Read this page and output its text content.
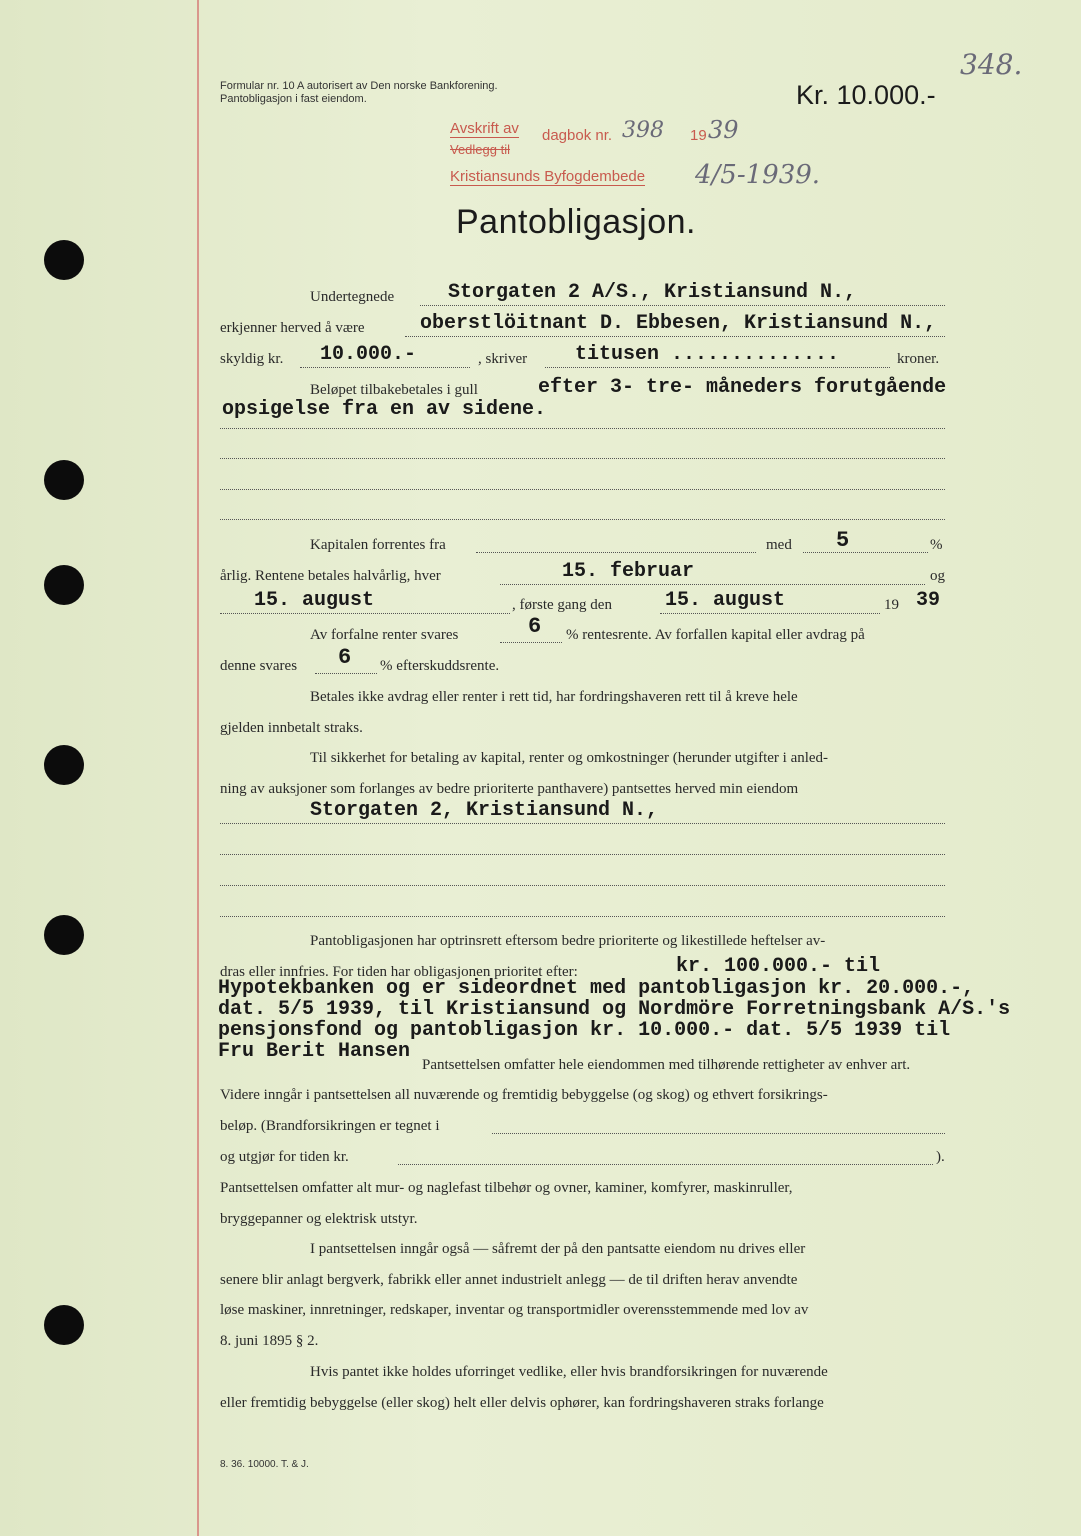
348.
Formular nr. 10 A autorisert av Den norske Bankforening.
Pantobligasjon i fast eiendom.	Kr. 10.000.-
Avskrift av dagbok nr. 398 19 39
Vedlegg til
Kristiansunds Byfogdembede 4/5-1939.
Pantobligasjon.
Undertegnede	Storgaten 2 A/S., Kristiansund N.,
erkjenner herved å være	oberstlöitnant D. Ebbesen, Kristiansund N.,
skyldig kr. 10.000.-	, skriver titusen ..............	kroner.
Beløpet tilbakebetales i gull	efter 3- tre- måneders forutgående
opsigelse fra en av sidene.
Kapitalen forrentes fra	med 5	%
årlig. Rentene betales halvårlig, hver	15. februar	og
15. august	, første gang den	15. august	19 39
Av forfalne renter svares	6 % rentesrente. Av forfallen kapital eller avdrag på
denne svares 6 % efterskuddsrente.
Betales ikke avdrag eller renter i rett tid, har fordringshaveren rett til å kreve hele
gjelden innbetalt straks.
Til sikkerhet for betaling av kapital, renter og omkostninger (herunder utgifter i anled-
ning av auksjoner som forlanges av bedre prioriterte panthavere) pantsettes herved min eiendom
Storgaten 2, Kristiansund N.,
Pantobligasjonen har optrinsrett eftersom bedre prioriterte og likestillede heftelser av-
dras eller innfries. For tiden har obligasjonen prioritet efter:	kr. 100.000.- til
Hypotekbanken og er sideordnet med pantobligasjon kr. 20.000.-,
dat. 5/5 1939, til Kristiansund og Nordmöre Forretningsbank A/S.'s
pensjonsfond og pantobligasjon kr. 10.000.- dat. 5/5 1939 til
Fru Berit Hansen
Pantsettelsen omfatter hele eiendommen med tilhørende rettigheter av enhver art.
Videre inngår i pantsettelsen all nuværende og fremtidig bebyggelse (og skog) og ethvert forsikrings-
beløp. (Brandforsikringen er tegnet i
og utgjør for tiden kr.	).
Pantsettelsen omfatter alt mur- og naglefast tilbehør og ovner, kaminer, komfyrer, maskinruller,
bryggepanner og elektrisk utstyr.
I pantsettelsen inngår også — såfremt der på den pantsatte eiendom nu drives eller
senere blir anlagt bergverk, fabrikk eller annet industrielt anlegg — de til driften herav anvendte
løse maskiner, innretninger, redskaper, inventar og transportmidler overensstemmende med lov av
8. juni 1895 § 2.
Hvis pantet ikke holdes uforringet vedlike, eller hvis brandforsikringen for nuværende
eller fremtidig bebyggelse (eller skog) helt eller delvis ophører, kan fordringshaveren straks forlange
8. 36. 10000. T. & J.
